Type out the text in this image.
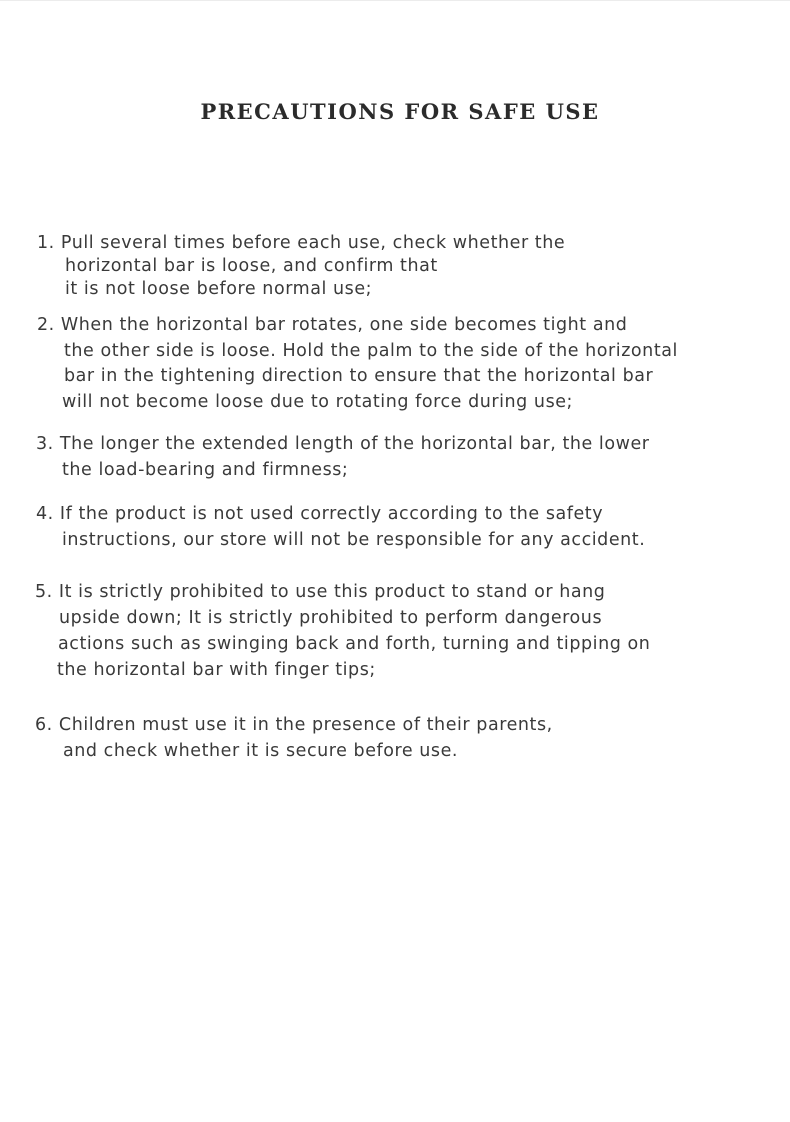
PRECAUTIONS FOR SAFE USE
1. Pull several times before each use, check whether the
horizontal bar is loose, and confirm that
it is not loose before normal use;
2. When the horizontal bar rotates, one side becomes tight and
the other side is loose. Hold the palm to the side of the horizontal
bar in the tightening direction to ensure that the horizontal bar
will not become loose due to rotating force during use;
3. The longer the extended length of the horizontal bar, the lower
the load-bearing and firmness;
4. If the product is not used correctly according to the safety
instructions, our store will not be responsible for any accident.
5. It is strictly prohibited to use this product to stand or hang
upside down; It is strictly prohibited to perform dangerous
actions such as swinging back and forth, turning and tipping on
the horizontal bar with finger tips;
6. Children must use it in the presence of their parents,
and check whether it is secure before use.
